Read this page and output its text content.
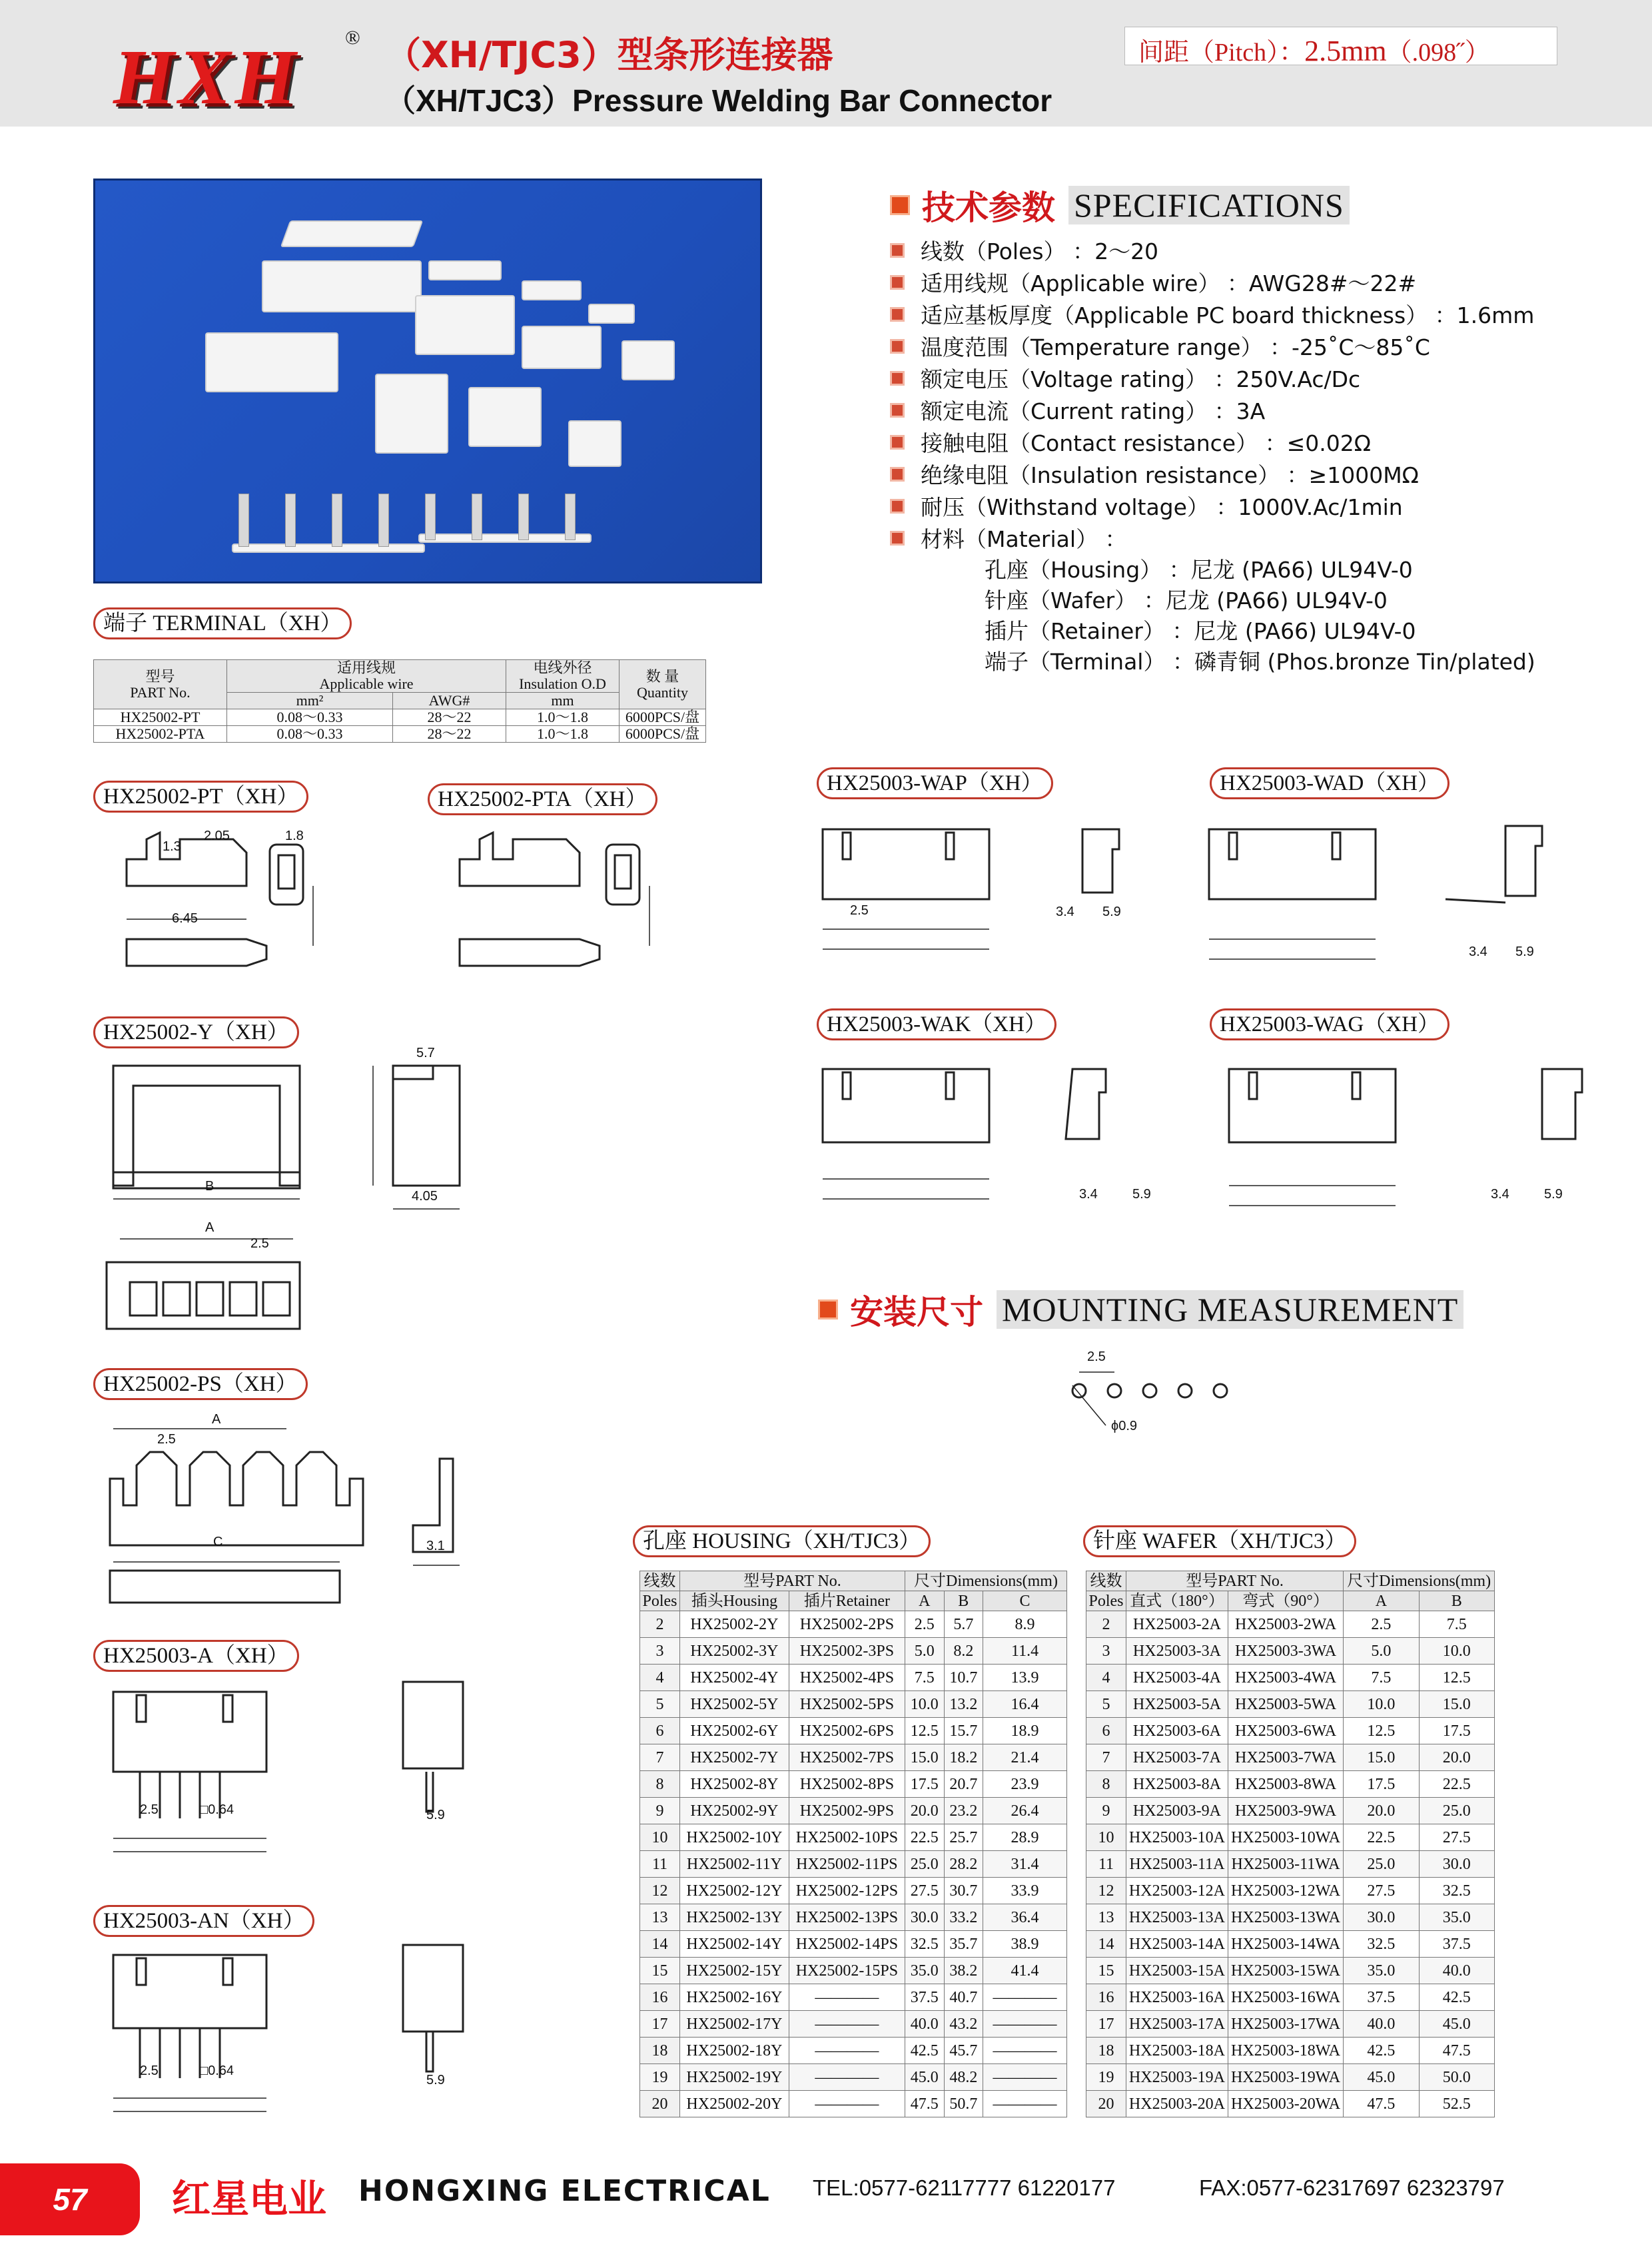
HXH ® （XH/TJC3）型条形连接器
（XH/TJC3）Pressure Welding Bar Connector
间距（Pitch）：2.5mm（.098˝）
技术参数 SPECIFICATIONS
线数（Poles） ：2～20
适用线规（Applicable wire） ：AWG28#～22#
适应基板厚度（Applicable PC board thickness） ：1.6mm
温度范围（Temperature range） ：-25˚C～85˚C
额定电压（Voltage rating） ：250V.Ac/Dc
额定电流（Current rating） ：3A
接触电阻（Contact resistance） ：≤0.02Ω
绝缘电阻（Insulation resistance） ：≥1000MΩ
耐压（Withstand voltage） ：1000V.Ac/1min
材料（Material） ：
孔座（Housing） ：尼龙 (PA66) UL94V-0
针座（Wafer） ：尼龙 (PA66) UL94V-0
插片（Retainer） ：尼龙 (PA66) UL94V-0
端子（Terminal） ：磷青铜 (Phos.bronze Tin/plated)
端子 TERMINAL（XH）
型号
PART No.	适用线规
Applicable wire		电线外径
Insulation O.D	数 量
Quantity
	mm²	AWG#	mm	
HX25002-PT	0.08～0.33	28～22	1.0～1.8	6000PCS/盘
HX25002-PTA	0.08～0.33	28～22	1.0～1.8	6000PCS/盘
HX25002-PT（XH）	HX25002-PTA（XH）
HX25002-Y（XH）
HX25002-PS（XH）
HX25003-A（XH）
HX25003-AN（XH）
HX25003-WAP（XH）	HX25003-WAD（XH）
HX25003-WAK（XH）	HX25003-WAG（XH）
1.3
2.05	1.8
6.45
5.7
4.05
B
A
2.5
A
2.5
C	3.1
2.5	□0.64	5.9
2.5	□0.64
5.9
2.5	3.4 5.9
3.4 5.9
3.4	5.9	3.4	5.9
2.5
ϕ0.9
安装尺寸 MOUNTING MEASUREMENT
孔座 HOUSING（XH/TJC3）
线数	型号PART No.		尺寸Dimensions(mm)		
Poles	插头Housing	插片Retainer	A	B	C
2	HX25002-2Y	HX25002-2PS	2.5	5.7	8.9
3	HX25002-3Y	HX25002-3PS	5.0	8.2	11.4
4	HX25002-4Y	HX25002-4PS	7.5	10.7	13.9
5	HX25002-5Y	HX25002-5PS	10.0	13.2	16.4
6	HX25002-6Y	HX25002-6PS	12.5	15.7	18.9
7	HX25002-7Y	HX25002-7PS	15.0	18.2	21.4
8	HX25002-8Y	HX25002-8PS	17.5	20.7	23.9
9	HX25002-9Y	HX25002-9PS	20.0	23.2	26.4
10	HX25002-10Y	HX25002-10PS	22.5	25.7	28.9
11	HX25002-11Y	HX25002-11PS	25.0	28.2	31.4
12	HX25002-12Y	HX25002-12PS	27.5	30.7	33.9
13	HX25002-13Y	HX25002-13PS	30.0	33.2	36.4
14	HX25002-14Y	HX25002-14PS	32.5	35.7	38.9
15	HX25002-15Y	HX25002-15PS	35.0	38.2	41.4
16	HX25002-16Y	————	37.5	40.7	————
17	HX25002-17Y	————	40.0	43.2	————
18	HX25002-18Y	————	42.5	45.7	————
19	HX25002-19Y	————	45.0	48.2	————
20	HX25002-20Y	————	47.5	50.7	————
针座 WAFER（XH/TJC3）
线数	型号PART No.		尺寸Dimensions(mm)	
Poles	直式（180°）	弯式（90°）	A	B
2	HX25003-2A	HX25003-2WA	2.5	7.5
3	HX25003-3A	HX25003-3WA	5.0	10.0
4	HX25003-4A	HX25003-4WA	7.5	12.5
5	HX25003-5A	HX25003-5WA	10.0	15.0
6	HX25003-6A	HX25003-6WA	12.5	17.5
7	HX25003-7A	HX25003-7WA	15.0	20.0
8	HX25003-8A	HX25003-8WA	17.5	22.5
9	HX25003-9A	HX25003-9WA	20.0	25.0
10	HX25003-10A	HX25003-10WA	22.5	27.5
11	HX25003-11A	HX25003-11WA	25.0	30.0
12	HX25003-12A	HX25003-12WA	27.5	32.5
13	HX25003-13A	HX25003-13WA	30.0	35.0
14	HX25003-14A	HX25003-14WA	32.5	37.5
15	HX25003-15A	HX25003-15WA	35.0	40.0
16	HX25003-16A	HX25003-16WA	37.5	42.5
17	HX25003-17A	HX25003-17WA	40.0	45.0
18	HX25003-18A	HX25003-18WA	42.5	47.5
19	HX25003-19A	HX25003-19WA	45.0	50.0
20	HX25003-20A	HX25003-20WA	47.5	52.5
57	红星电业 HONGXING ELECTRICAL TEL:0577-62117777 61220177	FAX:0577-62317697 62323797
